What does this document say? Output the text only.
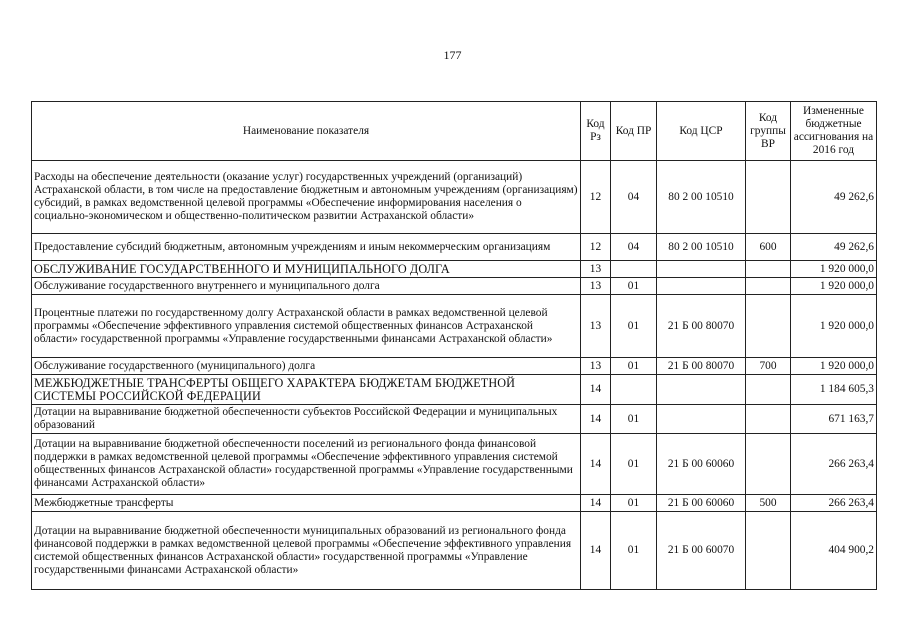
177
Наименование показателя	Код Рз	Код ПР	Код ЦСР	Код группы ВР	Измененные бюджетные ассигнования на 2016 год
Расходы на обеспечение деятельности (оказание услуг) государственных учреждений (организаций) Астраханской области, в том числе на предоставление бюджетным и автономным учреждениям (организациям) субсидий, в рамках ведомственной целевой программы «Обеспечение информирования населения о социально-экономическом и общественно-политическом развитии Астраханской области»	12	04	80 2 00 10510		49 262,6
Предоставление субсидий бюджетным, автономным учреждениям и иным некоммерческим организациям	12	04	80 2 00 10510	600	49 262,6
ОБСЛУЖИВАНИЕ ГОСУДАРСТВЕННОГО И МУНИЦИПАЛЬНОГО ДОЛГА	13				1 920 000,0
Обслуживание государственного внутреннего и муниципального долга	13	01			1 920 000,0
Процентные платежи по государственному долгу Астраханской области в рамках ведомственной целевой программы «Обеспечение эффективного управления системой общественных финансов Астраханской области» государственной программы «Управление государственными финансами Астраханской области»	13	01	21 Б 00 80070		1 920 000,0
Обслуживание государственного (муниципального) долга	13	01	21 Б 00 80070	700	1 920 000,0
МЕЖБЮДЖЕТНЫЕ ТРАНСФЕРТЫ ОБЩЕГО ХАРАКТЕРА БЮДЖЕТАМ БЮДЖЕТНОЙ СИСТЕМЫ РОССИЙСКОЙ ФЕДЕРАЦИИ	14				1 184 605,3
Дотации на выравнивание бюджетной обеспеченности субъектов Российской Федерации и муниципальных образований	14	01			671 163,7
Дотации на выравнивание бюджетной обеспеченности поселений из регионального фонда финансовой поддержки в рамках ведомственной целевой программы «Обеспечение эффективного управления системой общественных финансов Астраханской области» государственной программы «Управление государственными финансами Астраханской области»	14	01	21 Б 00 60060		266 263,4
Межбюджетные трансферты	14	01	21 Б 00 60060	500	266 263,4
Дотации на выравнивание бюджетной обеспеченности муниципальных образований из регионального фонда финансовой поддержки в рамках ведомственной целевой программы «Обеспечение эффективного управления системой общественных финансов Астраханской области» государственной программы «Управление государственными финансами Астраханской области»	14	01	21 Б 00 60070		404 900,2
